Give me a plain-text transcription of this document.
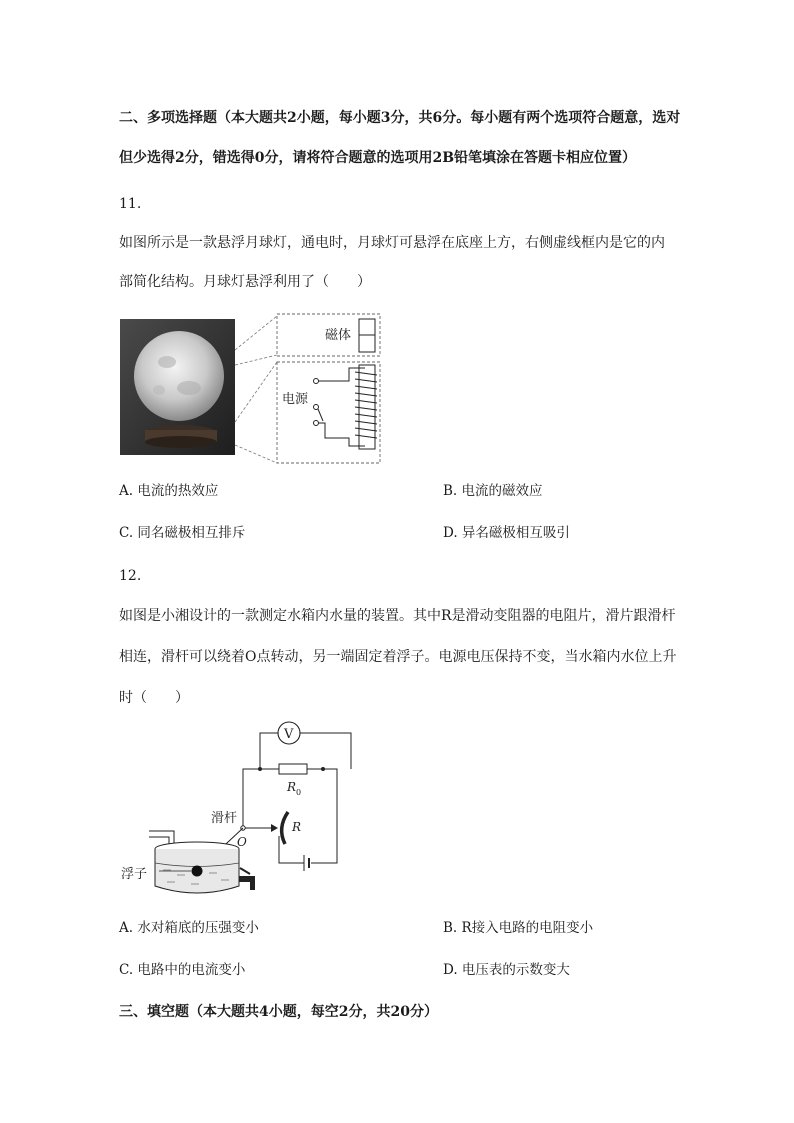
二、多项选择题（本大题共2小题，每小题3分，共6分。每小题有两个选项符合题意，选对
但少选得2分，错选得0分，请将符合题意的选项用2B铅笔填涂在答题卡相应位置）
11.
如图所示是一款悬浮月球灯，通电时，月球灯可悬浮在底座上方，右侧虚线框内是它的内
部简化结构。月球灯悬浮利用了（　　）
磁体
电源
A. 电流的热效应	B. 电流的磁效应
C. 同名磁极相互排斥	D. 异名磁极相互吸引
12.
如图是小湘设计的一款测定水箱内水量的装置。其中R是滑动变阻器的电阻片，滑片跟滑杆
相连，滑杆可以绕着O点转动，另一端固定着浮子。电源电压保持不变，当水箱内水位上升
时（　　）
V
R 0
R
滑杆
O
浮子
A. 水对箱底的压强变小	B. R接入电路的电阻变小
C. 电路中的电流变小	D. 电压表的示数变大
三、填空题（本大题共4小题，每空2分，共20分）
